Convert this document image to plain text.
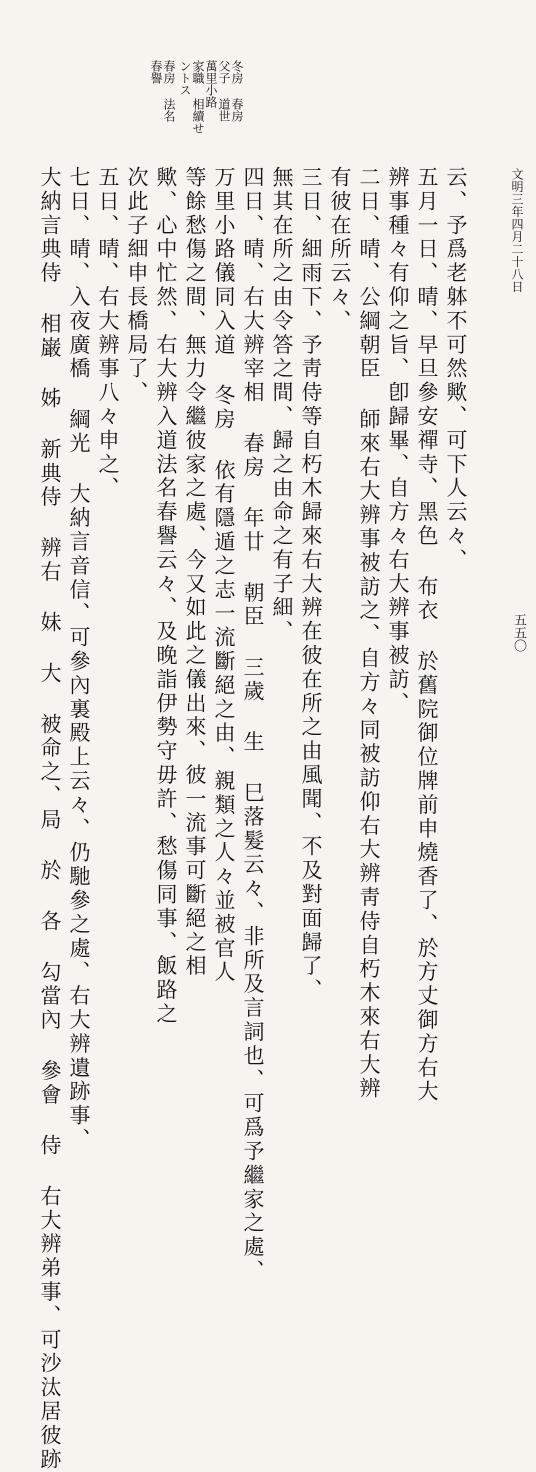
文明三年四月二十八日
五五〇
冬房 春房
父子 道世
萬里小路
家職 相續せ
ントス
春房 法名
春譽
云、予爲老躰不可然歟、可下人云々、
五月一日、晴、早旦參安禪寺、黑色 布衣 於舊院御位牌前申燒香了、於方丈御方右大
辨事種々有仰之旨、卽歸畢、自方々右大辨事被訪、
二日、晴、公綱朝臣 師來右大辨事被訪之、自方々同被訪仰右大辨靑侍自朽木來右大辨
有彼在所云々、
三日、細雨下、予靑侍等自朽木歸來右大辨在彼在所之由風聞、不及對面歸了、
無其在所之由令答之間、歸之由命之有子細、
四日、晴、右大辨宰相 春房 年廿 朝臣 三歲 生 巳落髮云々、非所及言詞也、可爲予繼家之處、
万里小路儀同入道 冬房 依有隱遁之志一流斷絕之由、親類之人々並被官人
等餘愁傷之間、無力令繼彼家之處、今又如此之儀出來、彼一流事可斷絕之相
歟、心中忙然、右大辨入道法名春譽云々、及晚詣伊勢守毋許、愁傷同事、飯路之
次此子細申長橋局了、
五日、晴、右大辨事八々申之、
七日、晴、入夜廣橋 綱光 大納言音信、可參內裏殿上云々、仍馳參之處、右大辨遺跡事、
大納言典侍 相巌 姊 新典侍 辨右 妹 大 被命之、局 於 各 勾當內 參會 侍 右大辨弟事、可沙汰居彼跡
